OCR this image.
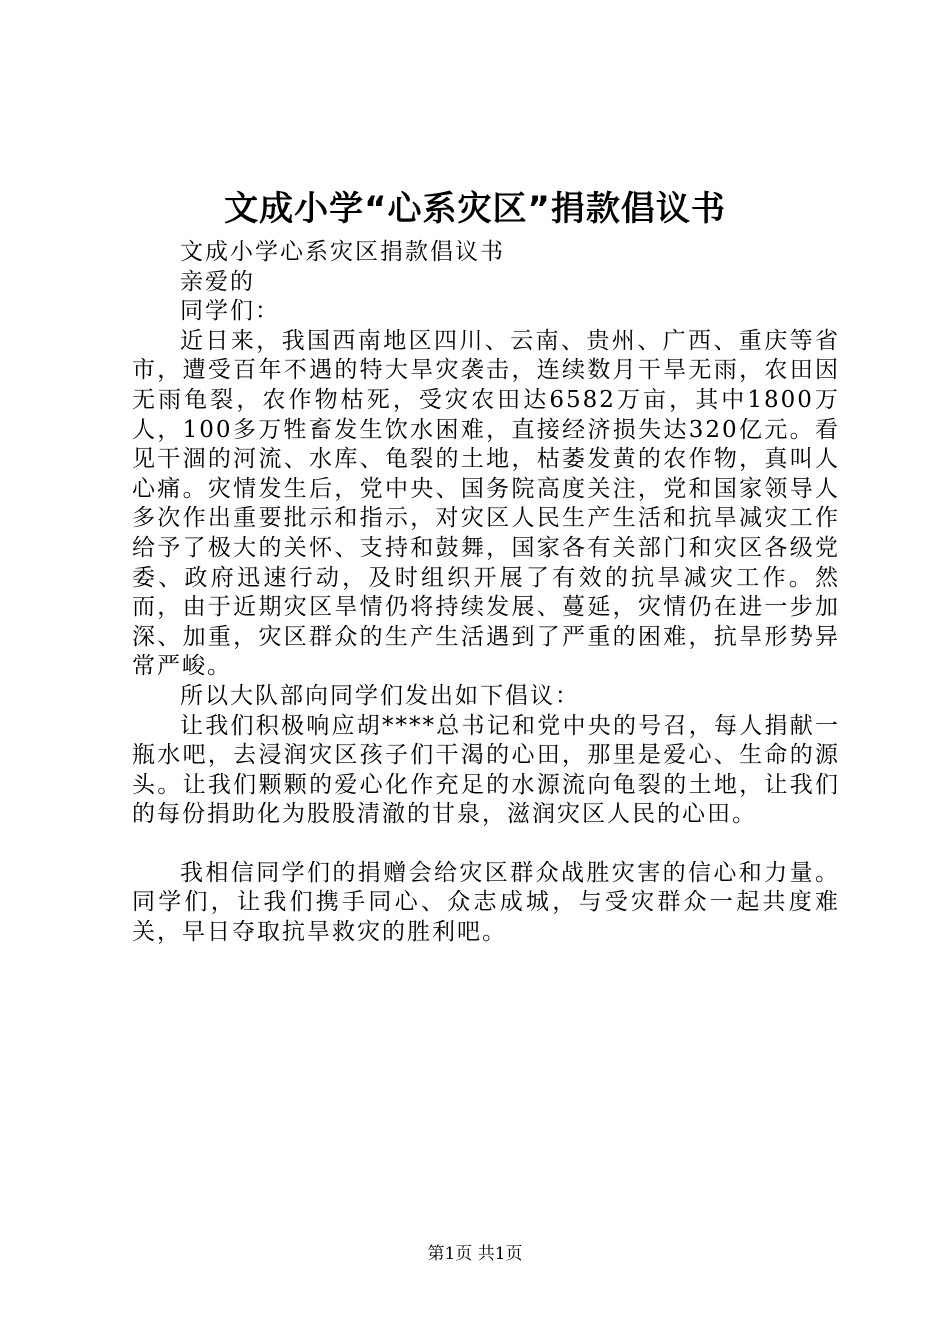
文成小学“心系灾区”捐款倡议书

文成小学心系灾区捐款倡议书

亲爱的

同学们：

近日来，我国西南地区四川、云南、贵州、广西、重庆等省市，遭受百年不遇的特大旱灾袭击，连续数月干旱无雨，农田因无雨龟裂，农作物枯死，受灾农田达6582万亩，其中1800万人，100多万牲畜发生饮水困难，直接经济损失达320亿元。看见干涸的河流、水库、龟裂的土地，枯萎发黄的农作物，真叫人心痛。灾情发生后，党中央、国务院高度关注，党和国家领导人多次作出重要批示和指示，对灾区人民生产生活和抗旱减灾工作给予了极大的关怀、支持和鼓舞，国家各有关部门和灾区各级党委、政府迅速行动，及时组织开展了有效的抗旱减灾工作。然而，由于近期灾区旱情仍将持续发展、蔓延，灾情仍在进一步加深、加重，灾区群众的生产生活遇到了严重的困难，抗旱形势异常严峻。

所以大队部向同学们发出如下倡议：

让我们积极响应胡****总书记和党中央的号召，每人捐献一瓶水吧，去浸润灾区孩子们干渴的心田，那里是爱心、生命的源头。让我们颗颗的爱心化作充足的水源流向龟裂的土地，让我们的每份捐助化为股股清澈的甘泉，滋润灾区人民的心田。

我相信同学们的捐赠会给灾区群众战胜灾害的信心和力量。同学们，让我们携手同心、众志成城，与受灾群众一起共度难关，早日夺取抗旱救灾的胜利吧。

第1页 共1页
